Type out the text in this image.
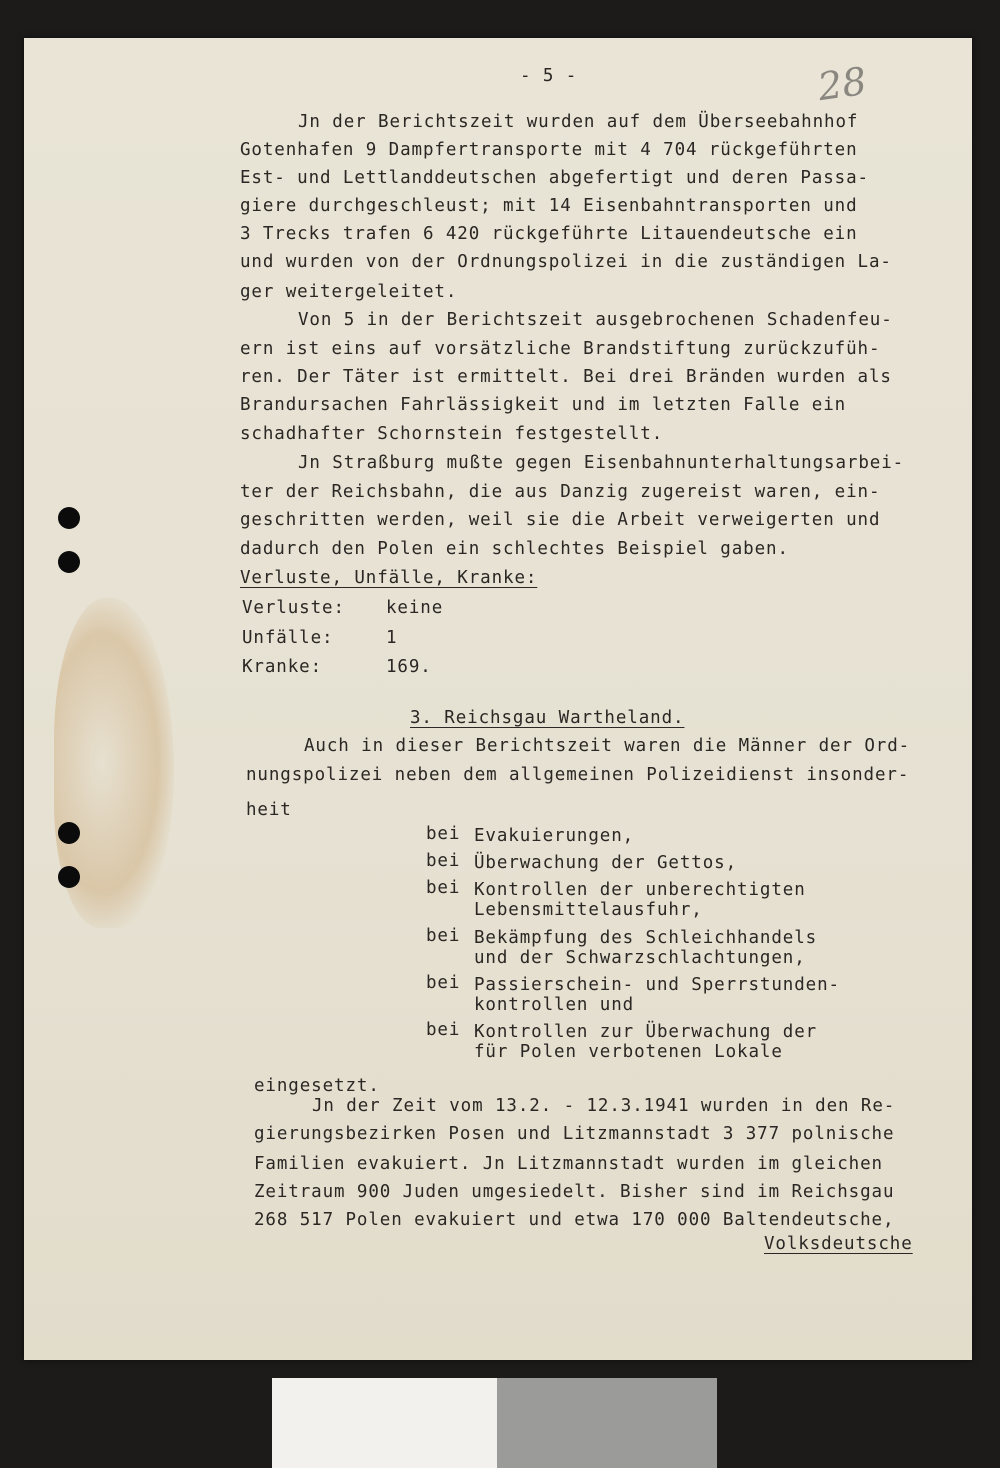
- 5 -	28
Jn der Berichtszeit wurden auf dem Überseebahnhof
Gotenhafen 9 Dampfertransporte mit 4 704 rückgeführten
Est- und Lettlanddeutschen abgefertigt und deren Passa-
giere durchgeschleust; mit 14 Eisenbahntransporten und
3 Trecks trafen 6 420 rückgeführte Litauendeutsche ein
und wurden von der Ordnungspolizei in die zuständigen La-
ger weitergeleitet.
Von 5 in der Berichtszeit ausgebrochenen Schadenfeu-
ern ist eins auf vorsätzliche Brandstiftung zurückzufüh-
ren. Der Täter ist ermittelt. Bei drei Bränden wurden als
Brandursachen Fahrlässigkeit und im letzten Falle ein
schadhafter Schornstein festgestellt.
Jn Straßburg mußte gegen Eisenbahnunterhaltungsarbei-
ter der Reichsbahn, die aus Danzig zugereist waren, ein-
geschritten werden, weil sie die Arbeit verweigerten und
dadurch den Polen ein schlechtes Beispiel gaben.
Auch in dieser Berichtszeit waren die Männer der Ord-
nungspolizei neben dem allgemeinen Polizeidienst insonder-
heit
eingesetzt.
Jn der Zeit vom 13.2. - 12.3.1941 wurden in den Re-
gierungsbezirken Posen und Litzmannstadt 3 377 polnische
Familien evakuiert. Jn Litzmannstadt wurden im gleichen
Zeitraum 900 Juden umgesiedelt. Bisher sind im Reichsgau
268 517 Polen evakuiert und etwa 170 000 Baltendeutsche,
Verluste, Unfälle, Kranke:
Verluste: keine
Unfälle:	1
Kranke:	169.
3. Reichsgau Wartheland.
bei Evakuierungen,
bei Überwachung der Gettos,
bei Kontrollen der unberechtigten
Lebensmittelausfuhr,
bei Bekämpfung des Schleichhandels
und der Schwarzschlachtungen,
bei Passierschein- und Sperrstunden-
kontrollen und
bei Kontrollen zur Überwachung der
für Polen verbotenen Lokale
Volksdeutsche
